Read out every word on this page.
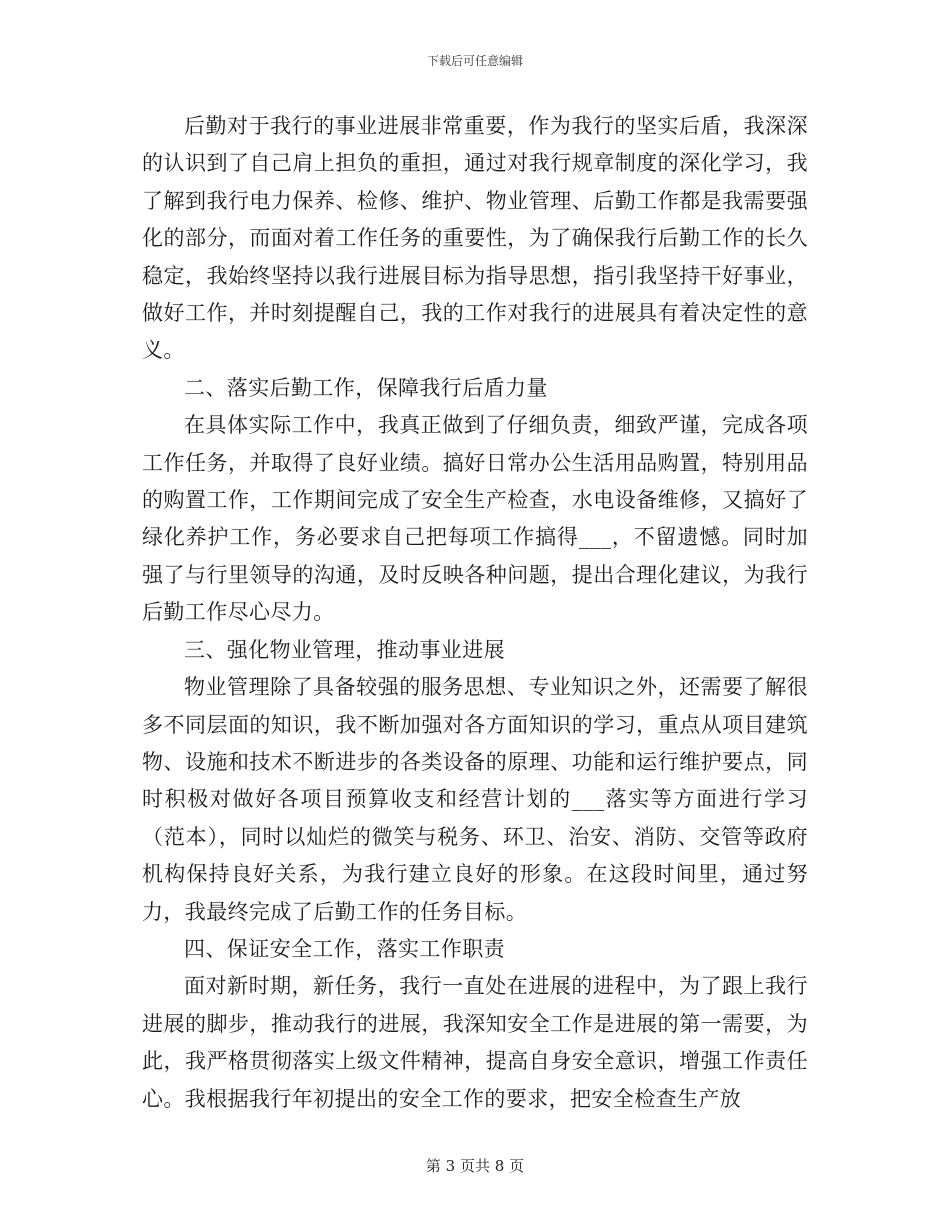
下载后可任意编辑

后勤对于我行的事业进展非常重要，作为我行的坚实后盾，我深深的认识到了自己肩上担负的重担，通过对我行规章制度的深化学习，我了解到我行电力保养、检修、维护、物业管理、后勤工作都是我需要强化的部分，而面对着工作任务的重要性，为了确保我行后勤工作的长久稳定，我始终坚持以我行进展目标为指导思想，指引我坚持干好事业，做好工作，并时刻提醒自己，我的工作对我行的进展具有着决定性的意义。

二、落实后勤工作，保障我行后盾力量

在具体实际工作中，我真正做到了仔细负责，细致严谨，完成各项工作任务，并取得了良好业绩。搞好日常办公生活用品购置，特别用品的购置工作，工作期间完成了安全生产检查，水电设备维修，又搞好了绿化养护工作，务必要求自己把每项工作搞得___，不留遗憾。同时加强了与行里领导的沟通，及时反映各种问题，提出合理化建议，为我行后勤工作尽心尽力。

三、强化物业管理，推动事业进展

物业管理除了具备较强的服务思想、专业知识之外，还需要了解很多不同层面的知识，我不断加强对各方面知识的学习，重点从项目建筑物、设施和技术不断进步的各类设备的原理、功能和运行维护要点，同时积极对做好各项目预算收支和经营计划的___落实等方面进行学习（范本），同时以灿烂的微笑与税务、环卫、治安、消防、交管等政府机构保持良好关系，为我行建立良好的形象。在这段时间里，通过努力，我最终完成了后勤工作的任务目标。

四、保证安全工作，落实工作职责

面对新时期，新任务，我行一直处在进展的进程中，为了跟上我行进展的脚步，推动我行的进展，我深知安全工作是进展的第一需要，为此，我严格贯彻落实上级文件精神，提高自身安全意识，增强工作责任心。我根据我行年初提出的安全工作的要求，把安全检查生产放

第 3 页共 8 页
